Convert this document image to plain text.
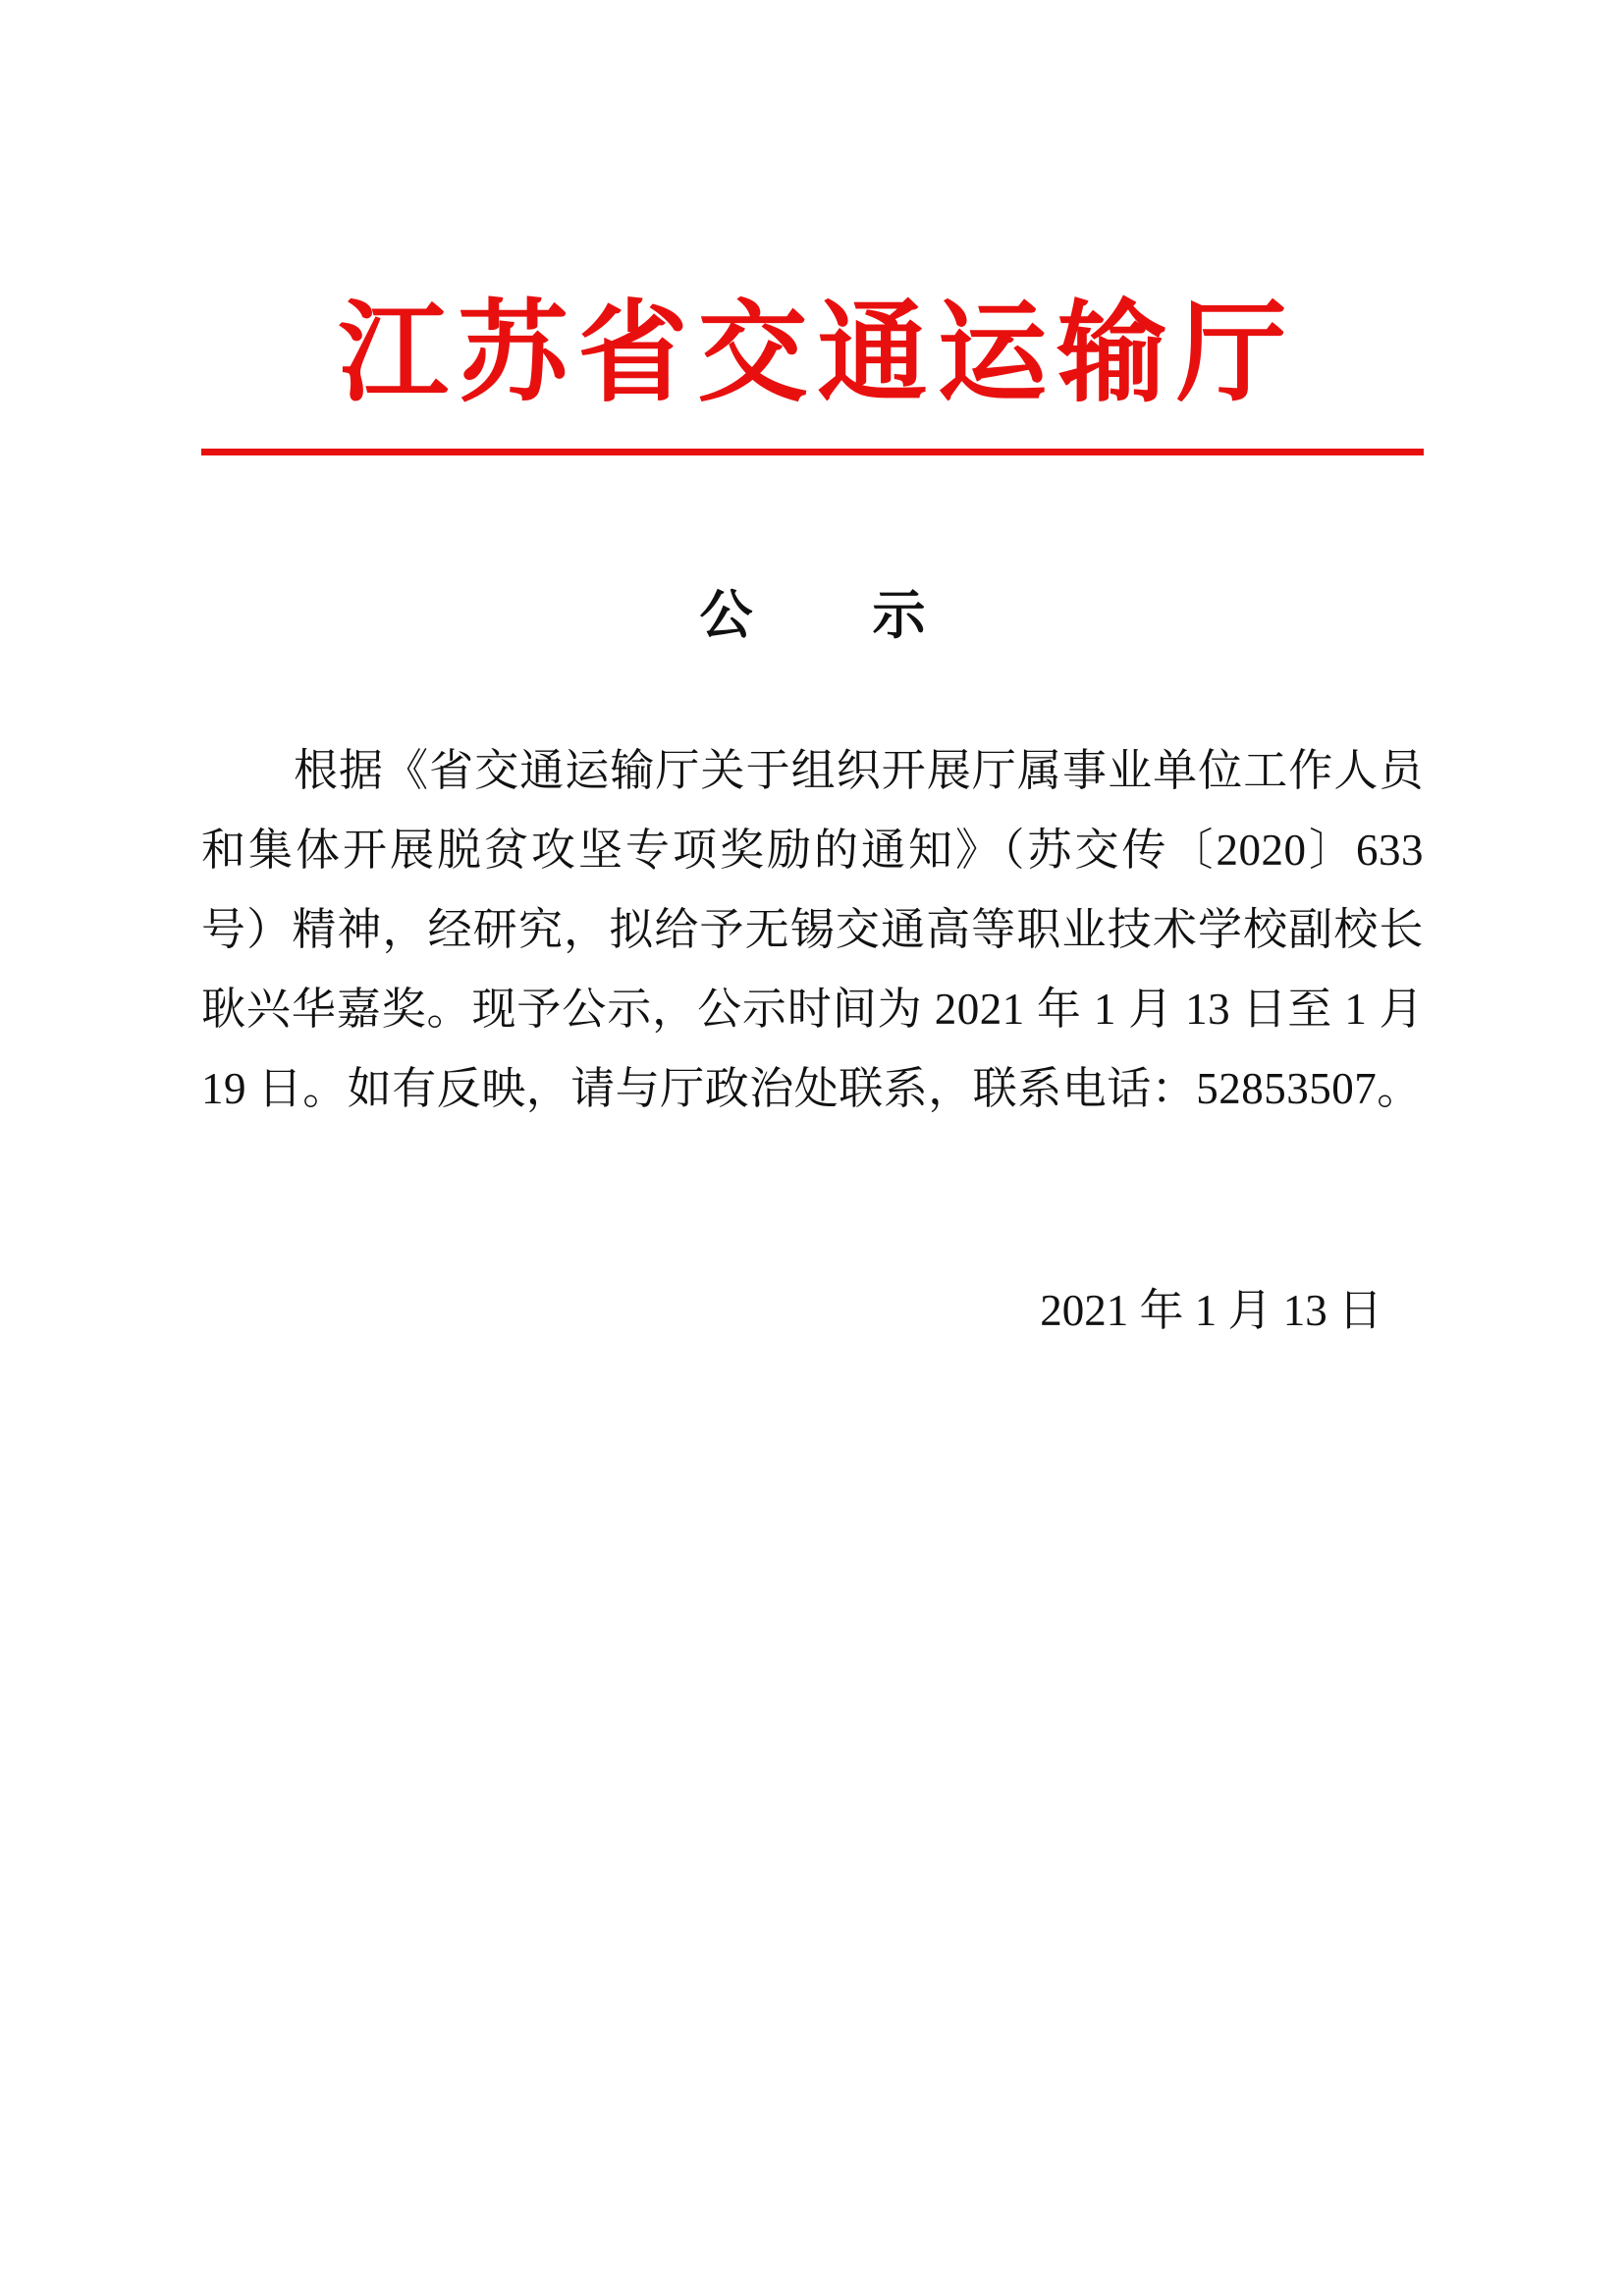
江苏省交通运输厅
公　示

根据《省交通运输厅关于组织开展厅属事业单位工作人员和集体开展脱贫攻坚专项奖励的通知》（苏交传〔2020〕633 号）精神，经研究，拟给予无锡交通高等职业技术学校副校长耿兴华嘉奖。现予公示，公示时间为 2021 年 1 月 13 日至 1 月 19 日。如有反映，请与厅政治处联系，联系电话：52853507。

2021 年 1 月 13 日
